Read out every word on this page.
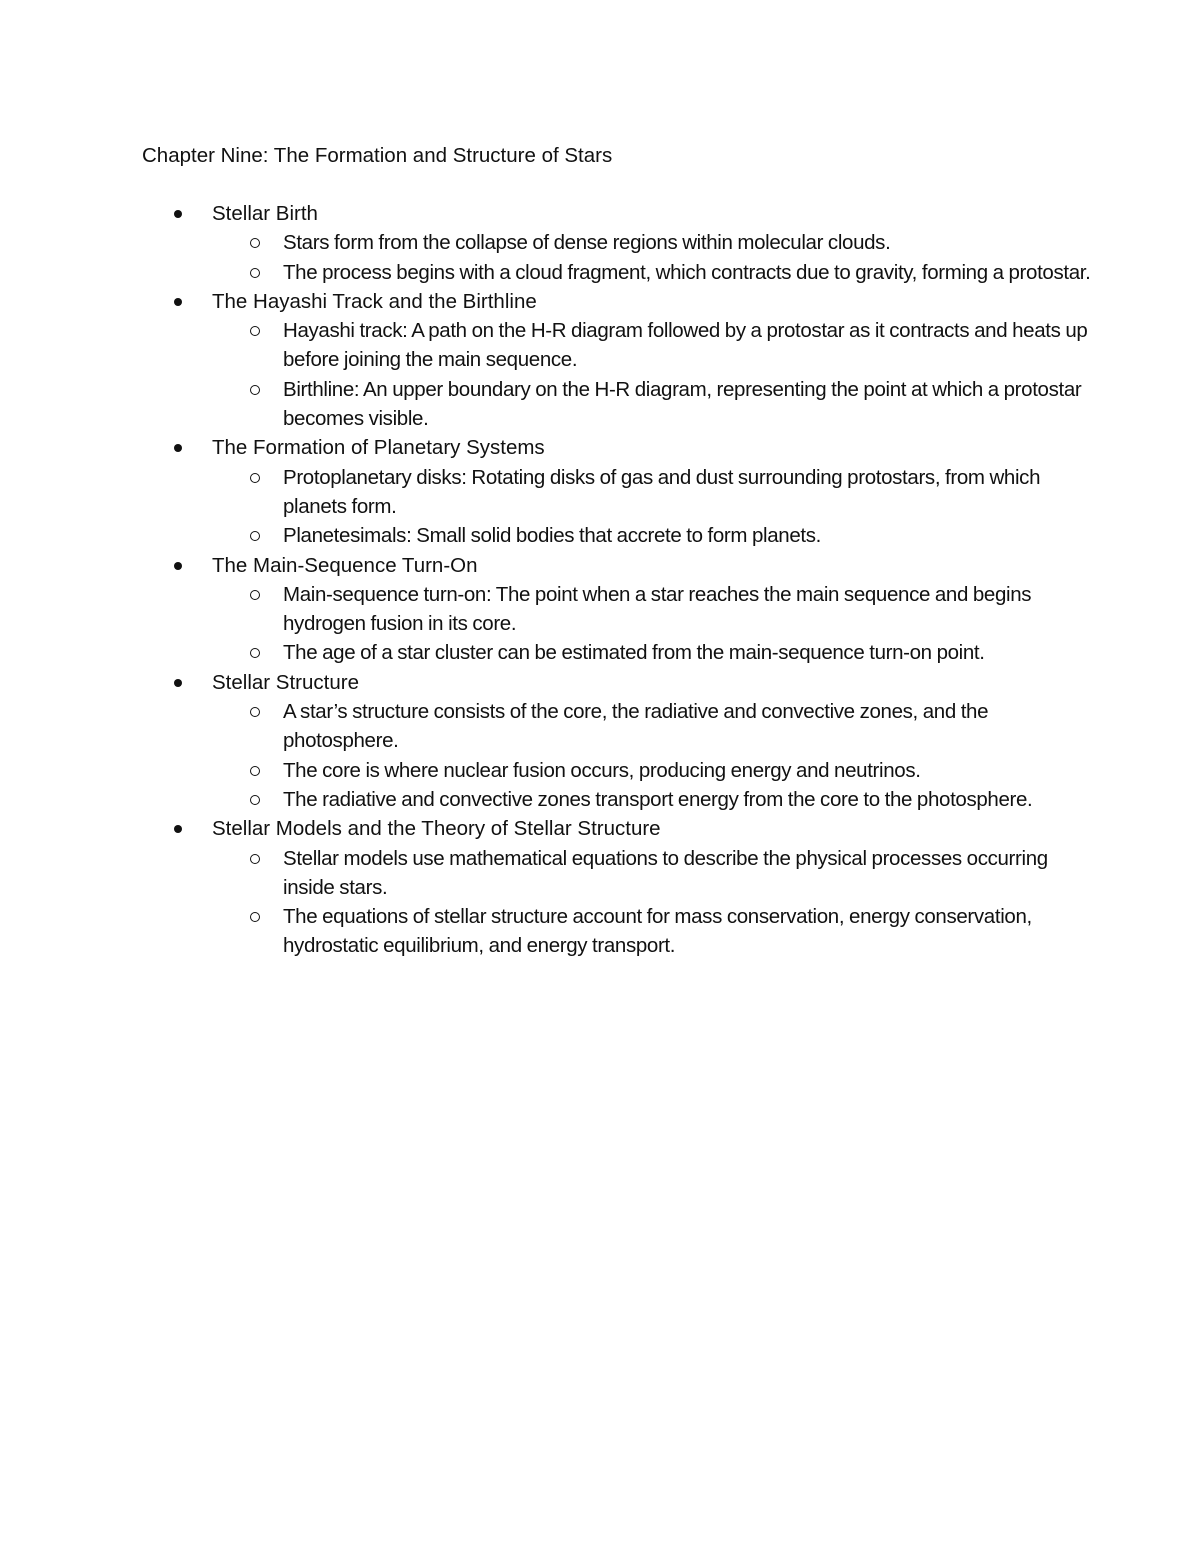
Chapter Nine: The Formation and Structure of Stars
Stellar Birth
Stars form from the collapse of dense regions within molecular clouds.
The process begins with a cloud fragment, which contracts due to gravity, forming a protostar.
The Hayashi Track and the Birthline
Hayashi track: A path on the H-R diagram followed by a protostar as it contracts and heats up before joining the main sequence.
Birthline: An upper boundary on the H-R diagram, representing the point at which a protostar becomes visible.
The Formation of Planetary Systems
Protoplanetary disks: Rotating disks of gas and dust surrounding protostars, from which planets form.
Planetesimals: Small solid bodies that accrete to form planets.
The Main-Sequence Turn-On
Main-sequence turn-on: The point when a star reaches the main sequence and begins hydrogen fusion in its core.
The age of a star cluster can be estimated from the main-sequence turn-on point.
Stellar Structure
A star’s structure consists of the core, the radiative and convective zones, and the photosphere.
The core is where nuclear fusion occurs, producing energy and neutrinos.
The radiative and convective zones transport energy from the core to the photosphere.
Stellar Models and the Theory of Stellar Structure
Stellar models use mathematical equations to describe the physical processes occurring inside stars.
The equations of stellar structure account for mass conservation, energy conservation, hydrostatic equilibrium, and energy transport.
